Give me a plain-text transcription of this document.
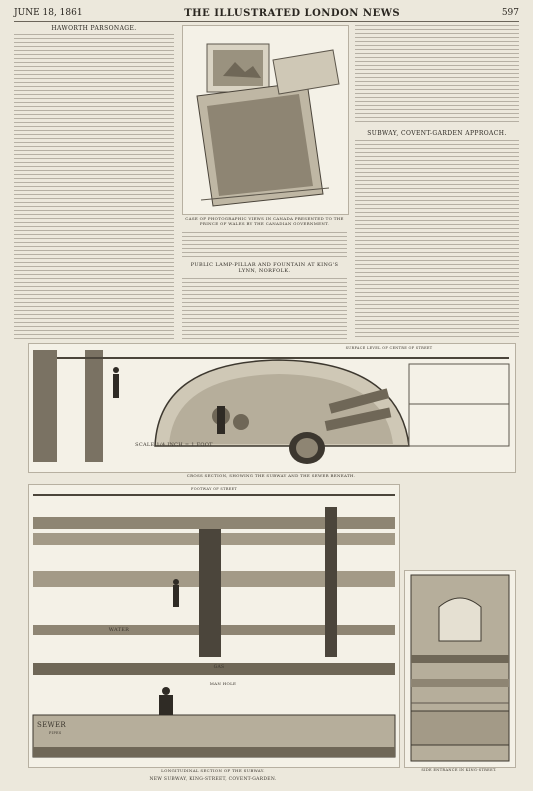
JUNE 18, 1861	THE ILLUSTRATED LONDON NEWS	597
HAWORTH PARSONAGE.
CASE OF PHOTOGRAPHIC VIEWS IN CANADA PRESENTED TO THE PRINCE OF WALES BY THE CANADIAN GOVERNMENT.
PUBLIC LAMP-PILLAR AND FOUNTAIN AT KING'S LYNN, NORFOLK.
SUBWAY, COVENT-GARDEN APPROACH.
SURFACE LEVEL OF CENTRE OF STREET
SCALE 1/4 INCH = 1 FOOT
CROSS SECTION, SHOWING THE SUBWAY AND THE SEWER BENEATH.
FOOTWAY OF STREET
WATER
GAS
MAN HOLE
SEWER
PIPES
LONGITUDINAL SECTION OF THE SUBWAY.
NEW SUBWAY, KING-STREET, COVENT-GARDEN.
SIDE ENTRANCE IN KING-STREET.
